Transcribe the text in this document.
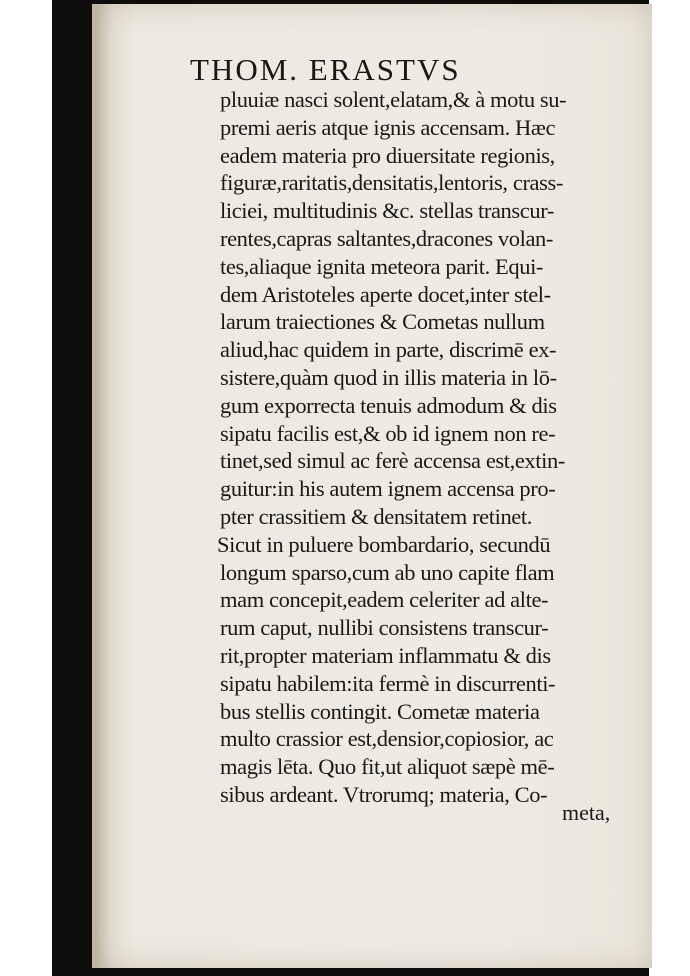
THOM. ERASTVS
pluuiæ nasci solent,elatam,& à motu su-
premi aeris atque ignis accensam. Hæc
eadem materia pro diuersitate regionis,
figuræ,raritatis,densitatis,lentoris, crass-
liciei, multitudinis &c. stellas transcur-
rentes,capras saltantes,dracones volan-
tes,aliaque ignita meteora parit. Equi-
dem Aristoteles aperte docet,inter stel-
larum traiectiones & Cometas nullum
aliud,hac quidem in parte, discrimē ex-
sistere,quàm quod in illis materia in lō-
gum exporrecta tenuis admodum & dis
sipatu facilis est,& ob id ignem non re-
tinet,sed simul ac ferè accensa est,extin-
guitur:in his autem ignem accensa pro-
pter crassitiem & densitatem retinet.
Sicut in puluere bombardario, secundū
longum sparso,cum ab uno capite flam
mam concepit,eadem celeriter ad alte-
rum caput, nullibi consistens transcur-
rit,propter materiam inflammatu & dis
sipatu habilem:ita fermè in discurrenti-
bus stellis contingit. Cometæ materia
multo crassior est,densior,copiosior, ac
magis lēta. Quo fit,ut aliquot sæpè mē-
sibus ardeant. Vtrorumq; materia, Co-
meta,
